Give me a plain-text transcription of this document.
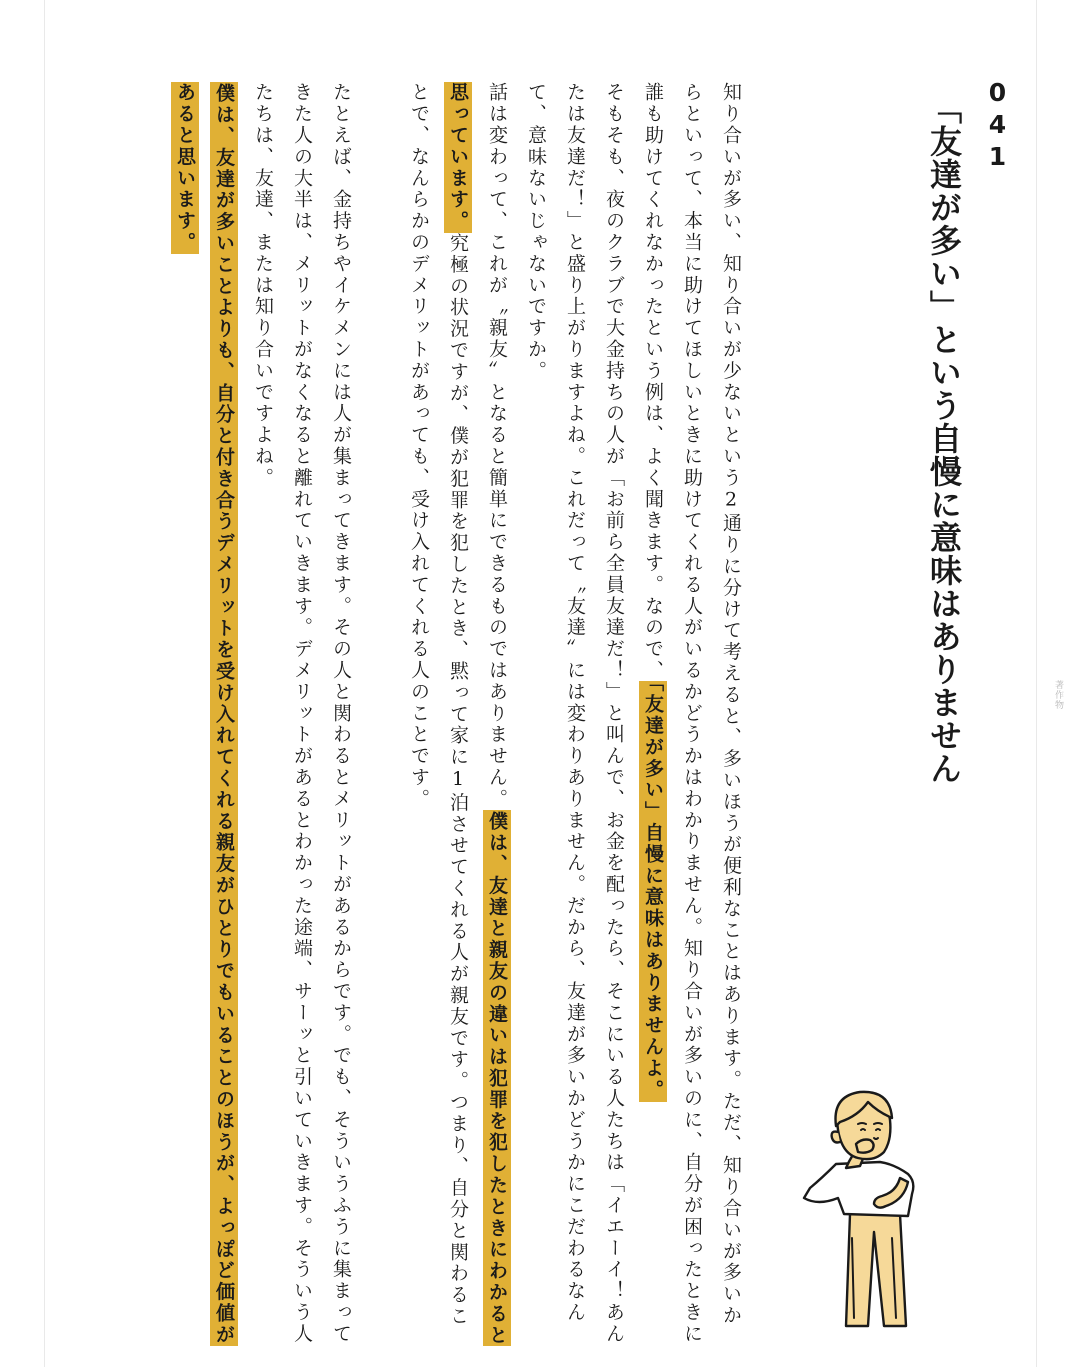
041
「友達が多い」という自慢に意味はありません	著作物

知り合いが多い、知り合いが少ないという2通りに分けて考えると、多いほうが便利なことはあります。ただ、知り合いが多いからといって、本当に助けてほしいときに助けてくれる人がいるかどうかはわかりません。知り合いが多いのに、自分が困ったときに誰も助けてくれなかったという例は、よく聞きます。なので、「友達が多い」自慢に意味はありませんよ。

そもそも、夜のクラブで大金持ちの人が「お前ら全員友達だ！」と叫んで、お金を配ったら、そこにいる人たちは「イエーイ！あんたは友達だ！」と盛り上がりますよね。これだって〝友達〟には変わりありません。だから、友達が多いかどうかにこだわるなんて、意味ないじゃないですか。

話は変わって、これが〝親友〟となると簡単にできるものではありません。僕は、友達と親友の違いは犯罪を犯したときにわかると思っています。究極の状況ですが、僕が犯罪を犯したとき、黙って家に1泊させてくれる人が親友です。つまり、自分と関わることで、なんらかのデメリットがあっても、受け入れてくれる人のことです。

たとえば、金持ちやイケメンには人が集まってきます。その人と関わるとメリットがあるからです。でも、そういうふうに集まってきた人の大半は、メリットがなくなると離れていきます。デメリットがあるとわかった途端、サーッと引いていきます。そういう人たちは、友達、または知り合いですよね。

僕は、友達が多いことよりも、自分と付き合うデメリットを受け入れてくれる親友がひとりでもいることのほうが、よっぽど価値があると思います。
